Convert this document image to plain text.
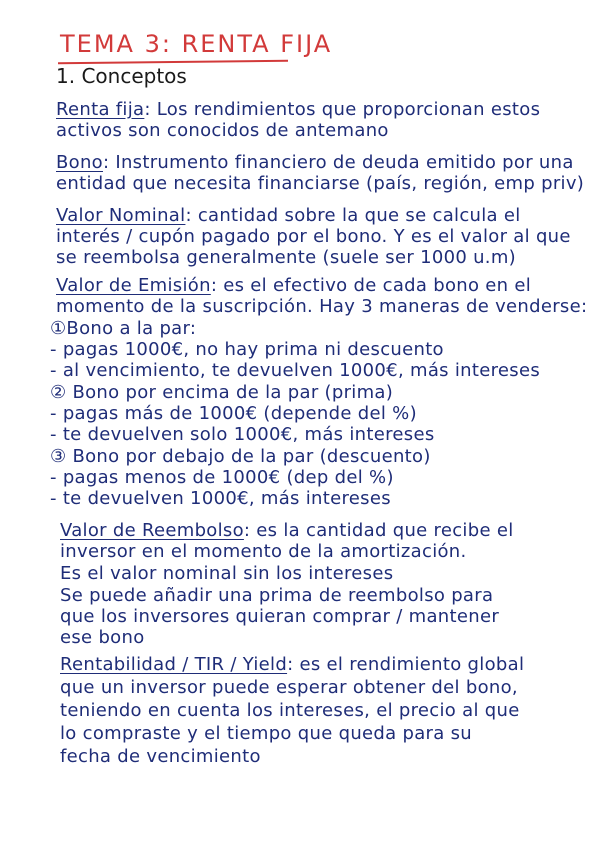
TEMA 3: RENTA FIJA
1. Conceptos
Renta fija: Los rendimientos que proporcionan estos
activos son conocidos de antemano
Bono: Instrumento financiero de deuda emitido por una
entidad que necesita financiarse (país, región, emp priv)
Valor Nominal: cantidad sobre la que se calcula el
interés / cupón pagado por el bono. Y es el valor al que
se reembolsa generalmente (suele ser 1000 u.m)
Valor de Emisión: es el efectivo de cada bono en el
momento de la suscripción. Hay 3 maneras de venderse:
①Bono a la par:
- pagas 1000€, no hay prima ni descuento
- al vencimiento, te devuelven 1000€, más intereses
② Bono por encima de la par (prima)
- pagas más de 1000€ (depende del %)
- te devuelven solo 1000€, más intereses
③ Bono por debajo de la par (descuento)
- pagas menos de 1000€ (dep del %)
- te devuelven 1000€, más intereses
Valor de Reembolso: es la cantidad que recibe el
inversor en el momento de la amortización.
Es el valor nominal sin los intereses
Se puede añadir una prima de reembolso para
que los inversores quieran comprar / mantener
ese bono
Rentabilidad / TIR / Yield: es el rendimiento global
que un inversor puede esperar obtener del bono,
teniendo en cuenta los intereses, el precio al que
lo compraste y el tiempo que queda para su
fecha de vencimiento
